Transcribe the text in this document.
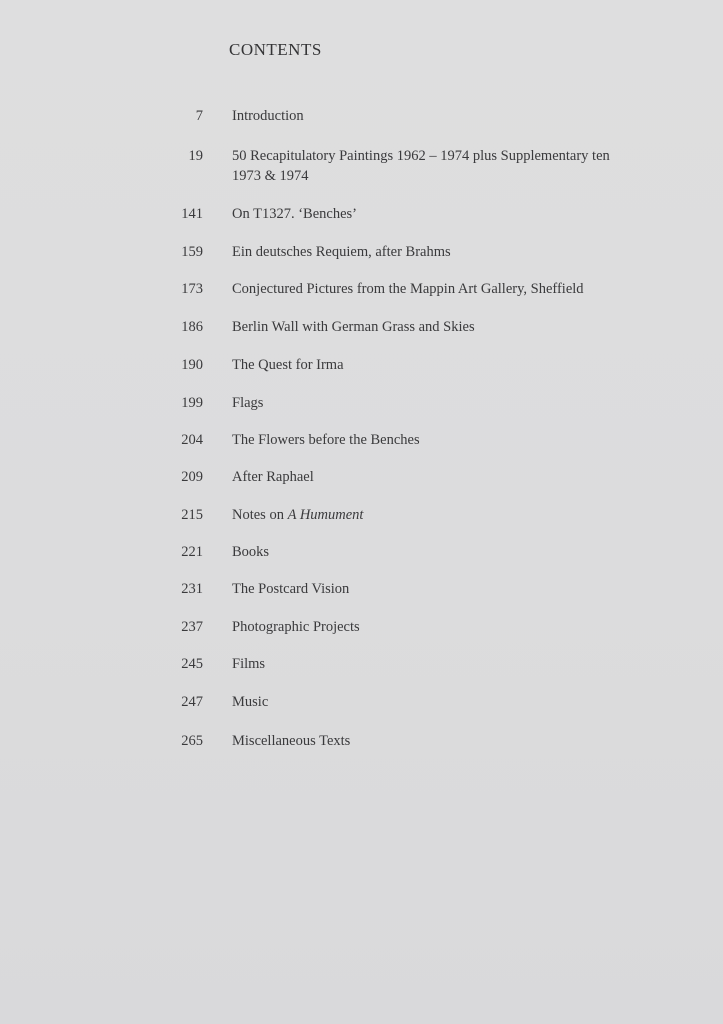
CONTENTS
7 Introduction
19 50 Recapitulatory Paintings 1962 – 1974 plus Supplementary ten
1973 & 1974
141 On T1327. ‘Benches’
159 Ein deutsches Requiem, after Brahms
173 Conjectured Pictures from the Mappin Art Gallery, Sheffield
186 Berlin Wall with German Grass and Skies
190 The Quest for Irma
199 Flags
204 The Flowers before the Benches
209 After Raphael
215 Notes on A Humument
221 Books
231 The Postcard Vision
237 Photographic Projects
245 Films
247 Music
265 Miscellaneous Texts
